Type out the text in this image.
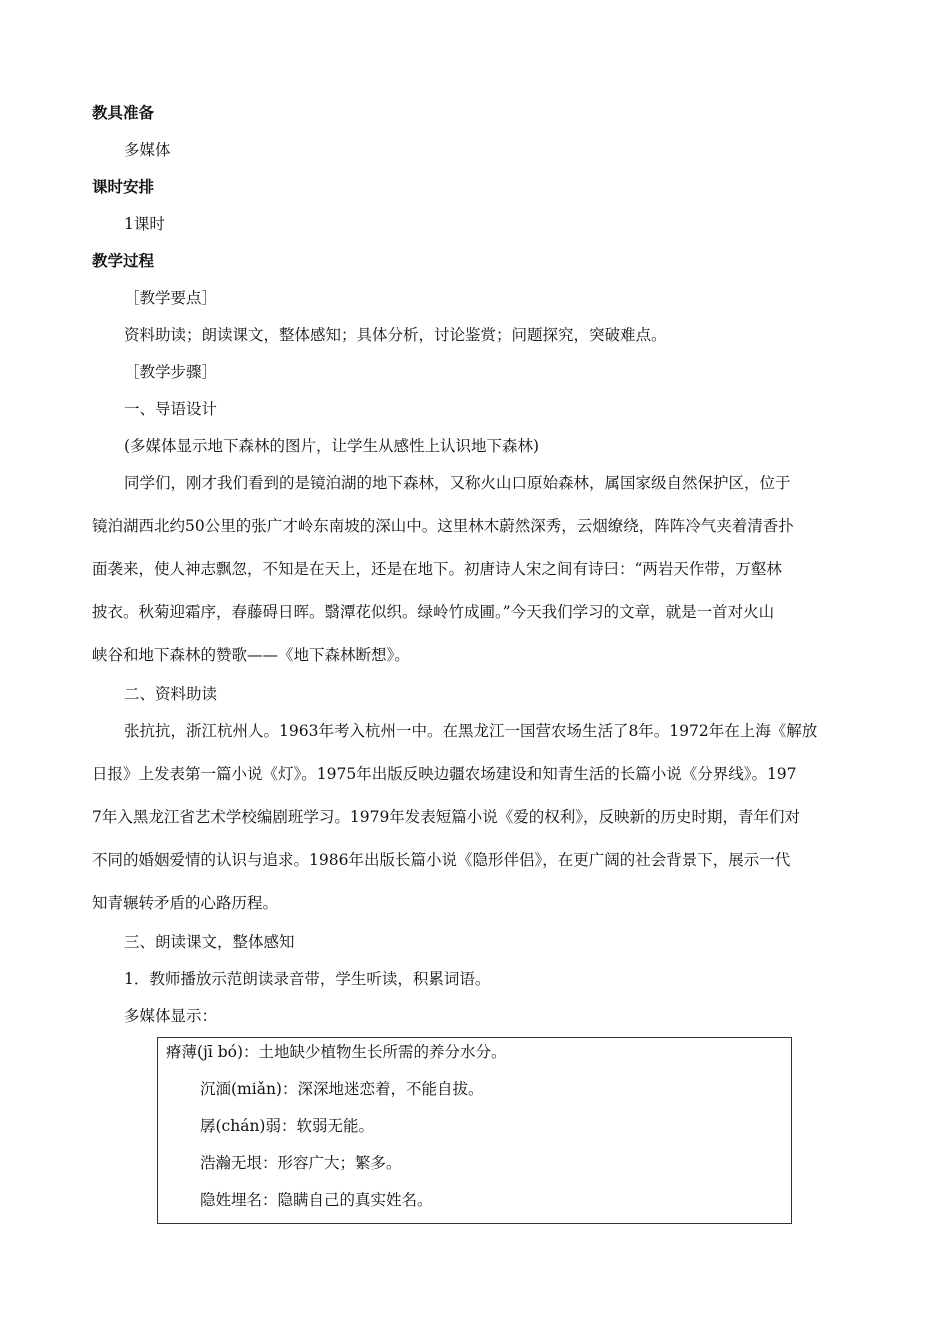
教具准备
多媒体
课时安排
1课时
教学过程
［教学要点］
资料助读；朗读课文，整体感知；具体分析，讨论鉴赏；问题探究，突破难点。
［教学步骤］
一、导语设计
(多媒体显示地下森林的图片，让学生从感性上认识地下森林)
同学们，刚才我们看到的是镜泊湖的地下森林，又称火山口原始森林，属国家级自然保护区，位于
镜泊湖西北约50公里的张广才岭东南坡的深山中。这里林木蔚然深秀，云烟缭绕，阵阵冷气夹着清香扑
面袭来，使人神志飘忽，不知是在天上，还是在地下。初唐诗人宋之间有诗曰：“两岩天作带，万壑林
披衣。秋菊迎霜序，春藤碍日晖。翳潭花似织。绿岭竹成圃。”今天我们学习的文章，就是一首对火山
峡谷和地下森林的赞歌——《地下森林断想》。
二、资料助读
张抗抗，浙江杭州人。1963年考入杭州一中。在黑龙江一国营农场生活了8年。1972年在上海《解放
日报》上发表第一篇小说《灯》。1975年出版反映边疆农场建设和知青生活的长篇小说《分界线》。197
7年入黑龙江省艺术学校编剧班学习。1979年发表短篇小说《爱的权利》，反映新的历史时期，青年们对
不同的婚姻爱情的认识与追求。1986年出版长篇小说《隐形伴侣》，在更广阔的社会背景下，展示一代
知青辗转矛盾的心路历程。
三、朗读课文，整体感知
1．教师播放示范朗读录音带，学生听读，积累词语。
多媒体显示：
瘠薄(jī bó)：土地缺少植物生长所需的养分水分。
沉湎(miǎn)：深深地迷恋着，不能自拔。
孱(chán)弱：软弱无能。
浩瀚无垠：形容广大；繁多。
隐姓埋名：隐瞒自己的真实姓名。
